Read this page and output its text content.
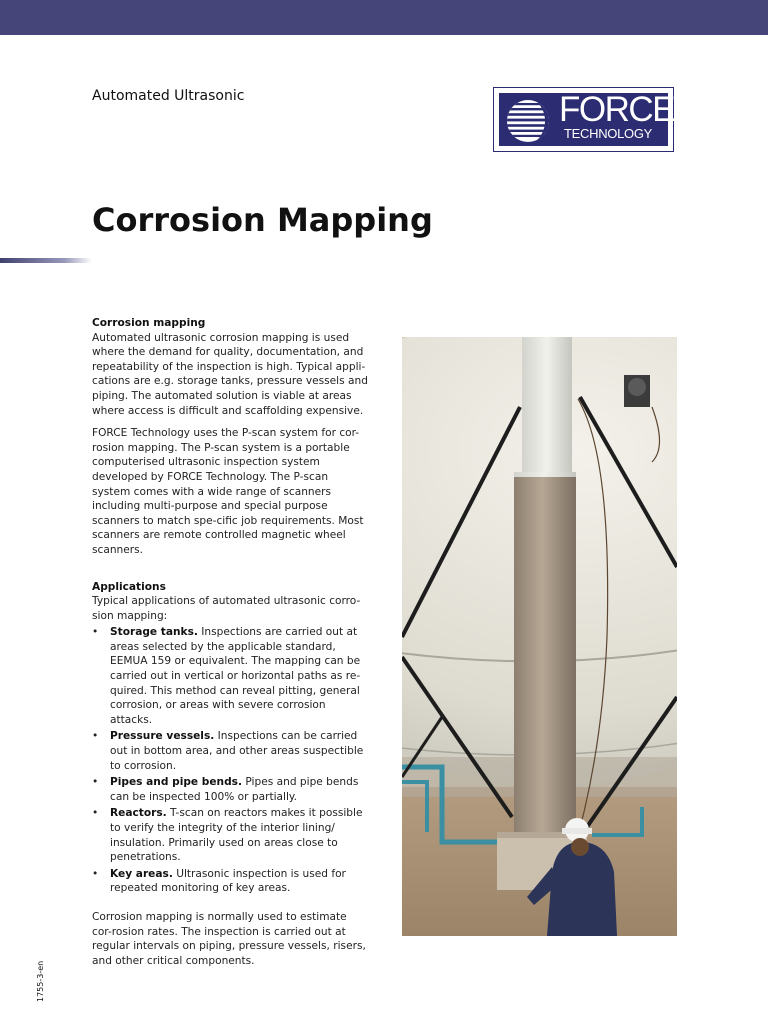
Automated Ultrasonic	FORCE
TECHNOLOGY
Corrosion Mapping
Corrosion mapping

Automated ultrasonic corrosion mapping is used where the demand for quality, documentation, and repeatability of the inspection is high. Typical appli-cations are e.g. storage tanks, pressure vessels and piping. The automated solution is viable at areas where access is difficult and scaffolding expensive.

FORCE Technology uses the P-scan system for cor-rosion mapping. The P-scan system is a portable computerised ultrasonic inspection system developed by FORCE Technology. The P-scan system comes with a wide range of scanners including multi-purpose and special purpose scanners to match spe-cific job requirements. Most scanners are remote controlled magnetic wheel scanners.

Applications

Typical applications of automated ultrasonic corro-sion mapping:

• Storage tanks. Inspections are carried out at areas selected by the applicable standard, EEMUA 159 or equivalent. The mapping can be carried out in vertical or horizontal paths as re-quired. This method can reveal pitting, general corrosion, or areas with severe corrosion attacks.
• Pressure vessels. Inspections can be carried out in bottom area, and other areas suspectible to corrosion.
• Pipes and pipe bends. Pipes and pipe bends can be inspected 100% or partially.
• Reactors. T-scan on reactors makes it possible to verify the integrity of the interior lining/ insulation. Primarily used on areas close to penetrations.
• Key areas. Ultrasonic inspection is used for repeated monitoring of key areas.

Corrosion mapping is normally used to estimate cor-rosion rates. The inspection is carried out at regular intervals on piping, pressure vessels, risers, and other critical components.

1755-3-en
